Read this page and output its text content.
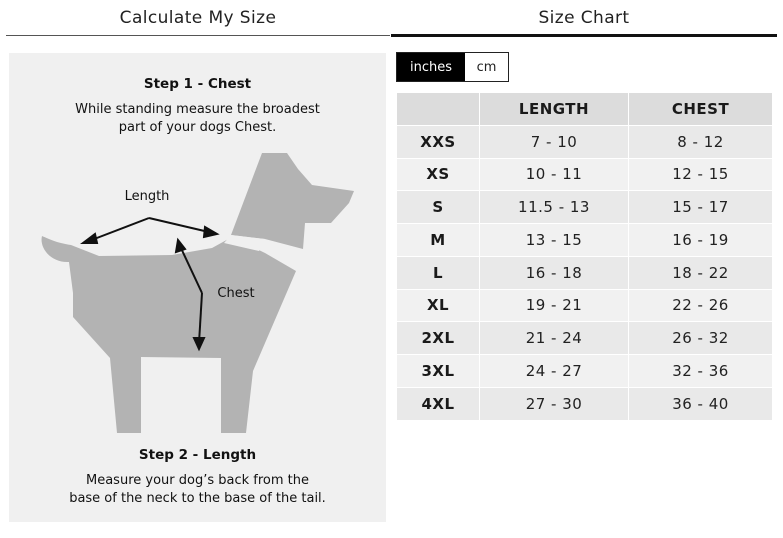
Calculate My Size	Size Chart
Step 1 - Chest
While standing measure the broadest
part of your dogs Chest.
Length
Chest
Step 2 - Length
Measure your dog’s back from the
base of the neck to the base of the tail.
inches	cm
	LENGTH	CHEST
XXS	7 - 10	8 - 12
XS	10 - 11	12 - 15
S	11.5 - 13	15 - 17
M	13 - 15	16 - 19
L	16 - 18	18 - 22
XL	19 - 21	22 - 26
2XL	21 - 24	26 - 32
3XL	24 - 27	32 - 36
4XL	27 - 30	36 - 40
